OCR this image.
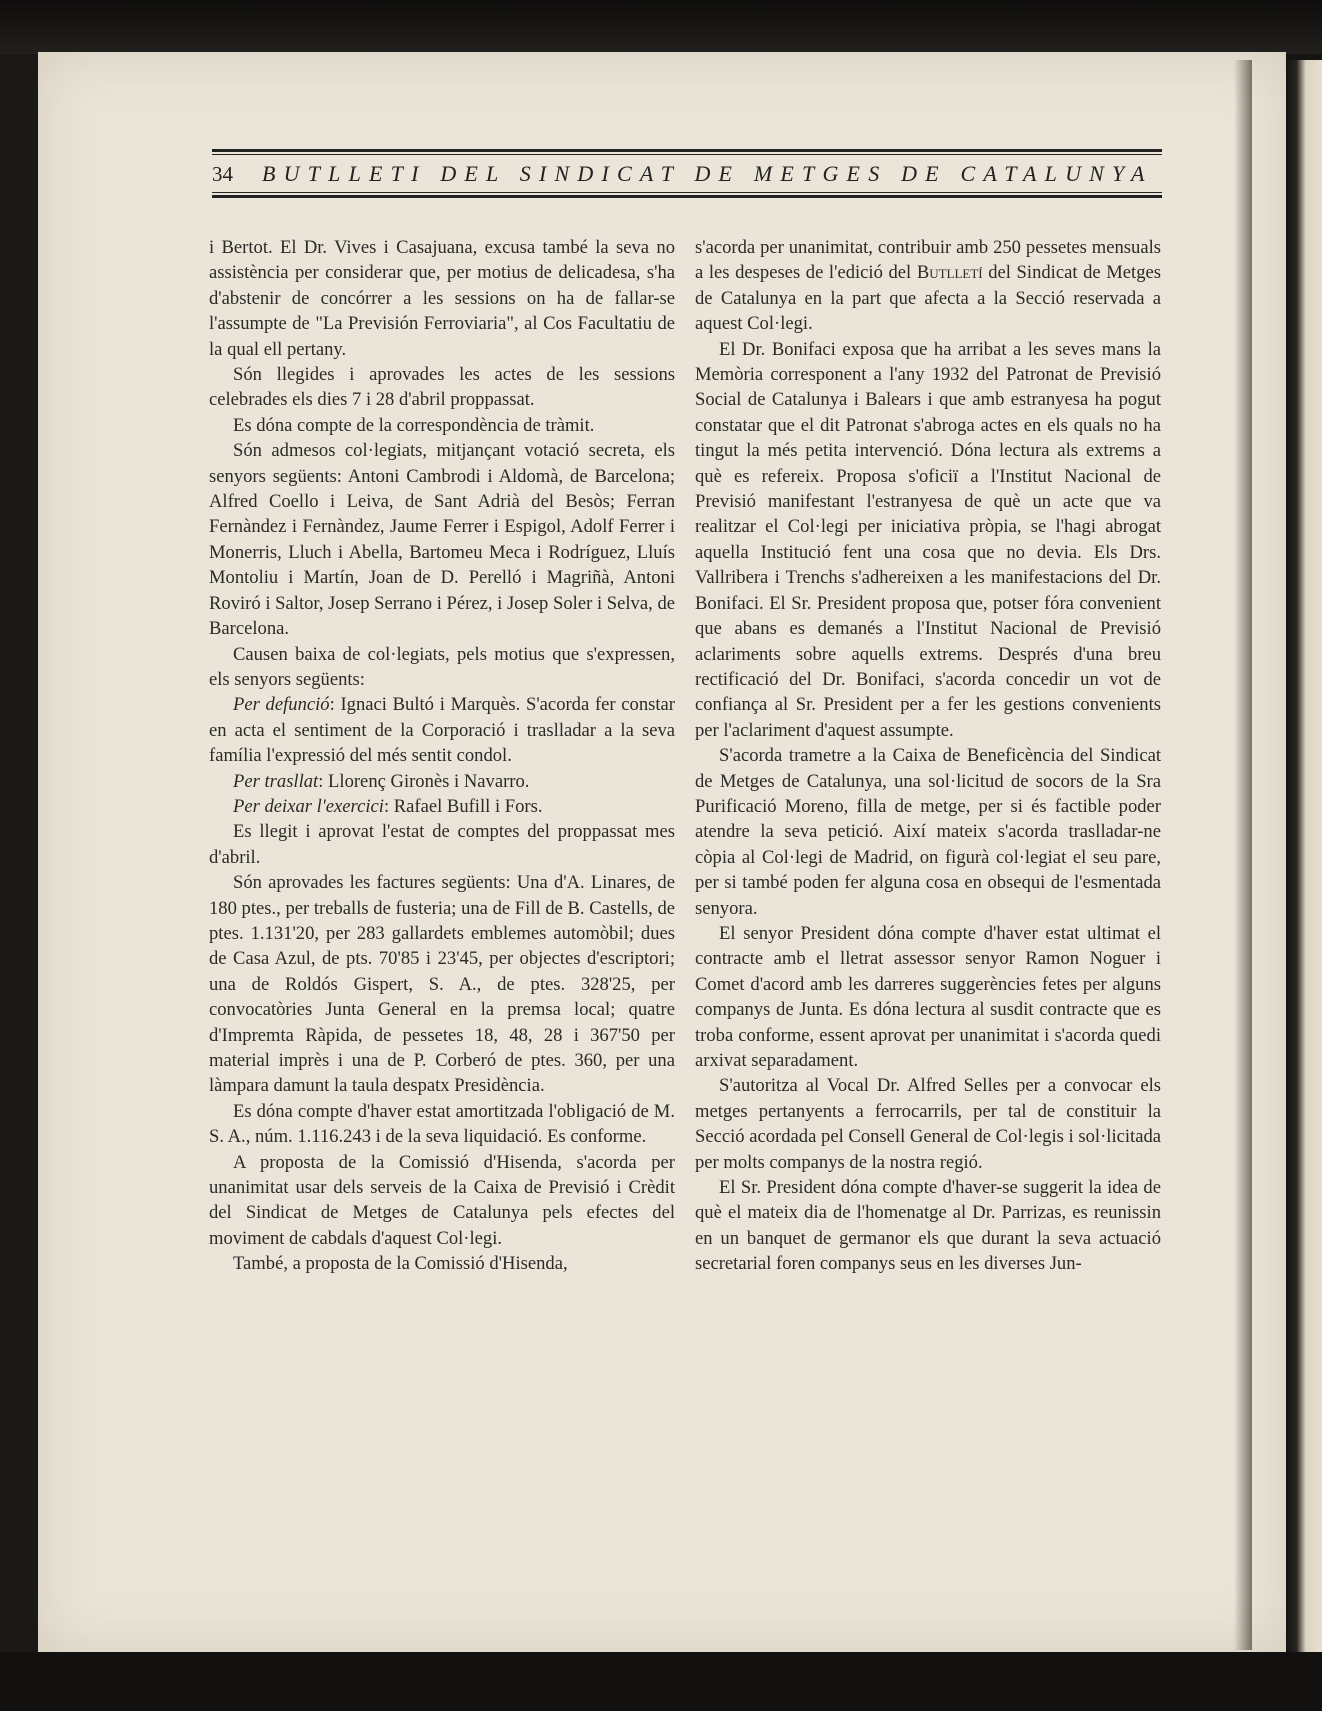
34	BUTLLETI DEL SINDICAT DE METGES DE CATALUNYA

i Bertot. El Dr. Vives i Casajuana, excusa també la seva no assistència per considerar que, per motius de delicadesa, s'ha d'abstenir de concórrer a les sessions on ha de fallar-se l'assumpte de "La Previsión Ferroviaria", al Cos Facultatiu de la qual ell pertany.

Són llegides i aprovades les actes de les sessions celebrades els dies 7 i 28 d'abril proppassat.

Es dóna compte de la correspondència de tràmit.

Són admesos col·legiats, mitjançant votació secreta, els senyors següents: Antoni Cambrodi i Aldomà, de Barcelona; Alfred Coello i Leiva, de Sant Adrià del Besòs; Ferran Fernàndez i Fernàndez, Jaume Ferrer i Espigol, Adolf Ferrer i Monerris, Lluch i Abella, Bartomeu Meca i Rodríguez, Lluís Montoliu i Martín, Joan de D. Perelló i Magriñà, Antoni Roviró i Saltor, Josep Serrano i Pérez, i Josep Soler i Selva, de Barcelona.

Causen baixa de col·legiats, pels motius que s'expressen, els senyors següents:

Per defunció: Ignaci Bultó i Marquès. S'acorda fer constar en acta el sentiment de la Corporació i traslladar a la seva família l'expressió del més sentit condol.

Per trasllat: Llorenç Gironès i Navarro.

Per deixar l'exercici: Rafael Bufill i Fors.

Es llegit i aprovat l'estat de comptes del proppassat mes d'abril.

Són aprovades les factures següents: Una d'A. Linares, de 180 ptes., per treballs de fusteria; una de Fill de B. Castells, de ptes. 1.131'20, per 283 gallardets emblemes automòbil; dues de Casa Azul, de pts. 70'85 i 23'45, per objectes d'escriptori; una de Roldós Gispert, S. A., de ptes. 328'25, per convocatòries Junta General en la premsa local; quatre d'Impremta Ràpida, de pessetes 18, 48, 28 i 367'50 per material imprès i una de P. Corberó de ptes. 360, per una làmpara damunt la taula despatx Presidència.

Es dóna compte d'haver estat amortitzada l'obligació de M. S. A., núm. 1.116.243 i de la seva liquidació. Es conforme.

A proposta de la Comissió d'Hisenda, s'acorda per unanimitat usar dels serveis de la Caixa de Previsió i Crèdit del Sindicat de Metges de Catalunya pels efectes del moviment de cabdals d'aquest Col·legi.

També, a proposta de la Comissió d'Hisenda,

s'acorda per unanimitat, contribuir amb 250 pessetes mensuals a les despeses de l'edició del Butlletí del Sindicat de Metges de Catalunya en la part que afecta a la Secció reservada a aquest Col·legi.

El Dr. Bonifaci exposa que ha arribat a les seves mans la Memòria corresponent a l'any 1932 del Patronat de Previsió Social de Catalunya i Balears i que amb estranyesa ha pogut constatar que el dit Patronat s'abroga actes en els quals no ha tingut la més petita intervenció. Dóna lectura als extrems a què es refereix. Proposa s'oficiï a l'Institut Nacional de Previsió manifestant l'estranyesa de què un acte que va realitzar el Col·legi per iniciativa pròpia, se l'hagi abrogat aquella Institució fent una cosa que no devia. Els Drs. Vallribera i Trenchs s'adhereixen a les manifestacions del Dr. Bonifaci. El Sr. President proposa que, potser fóra convenient que abans es demanés a l'Institut Nacional de Previsió aclariments sobre aquells extrems. Després d'una breu rectificació del Dr. Bonifaci, s'acorda concedir un vot de confiança al Sr. President per a fer les gestions convenients per l'aclariment d'aquest assumpte.

S'acorda trametre a la Caixa de Beneficència del Sindicat de Metges de Catalunya, una sol·licitud de socors de la Sra Purificació Moreno, filla de metge, per si és factible poder atendre la seva petició. Així mateix s'acorda traslladar-ne còpia al Col·legi de Madrid, on figurà col·legiat el seu pare, per si també poden fer alguna cosa en obsequi de l'esmentada senyora.

El senyor President dóna compte d'haver estat ultimat el contracte amb el lletrat assessor senyor Ramon Noguer i Comet d'acord amb les darreres suggerències fetes per alguns companys de Junta. Es dóna lectura al susdit contracte que es troba conforme, essent aprovat per unanimitat i s'acorda quedi arxivat separadament.

S'autoritza al Vocal Dr. Alfred Selles per a convocar els metges pertanyents a ferrocarrils, per tal de constituir la Secció acordada pel Consell General de Col·legis i sol·licitada per molts companys de la nostra regió.

El Sr. President dóna compte d'haver-se suggerit la idea de què el mateix dia de l'homenatge al Dr. Parrizas, es reunissin en un banquet de germanor els que durant la seva actuació secretarial foren companys seus en les diverses Jun-
